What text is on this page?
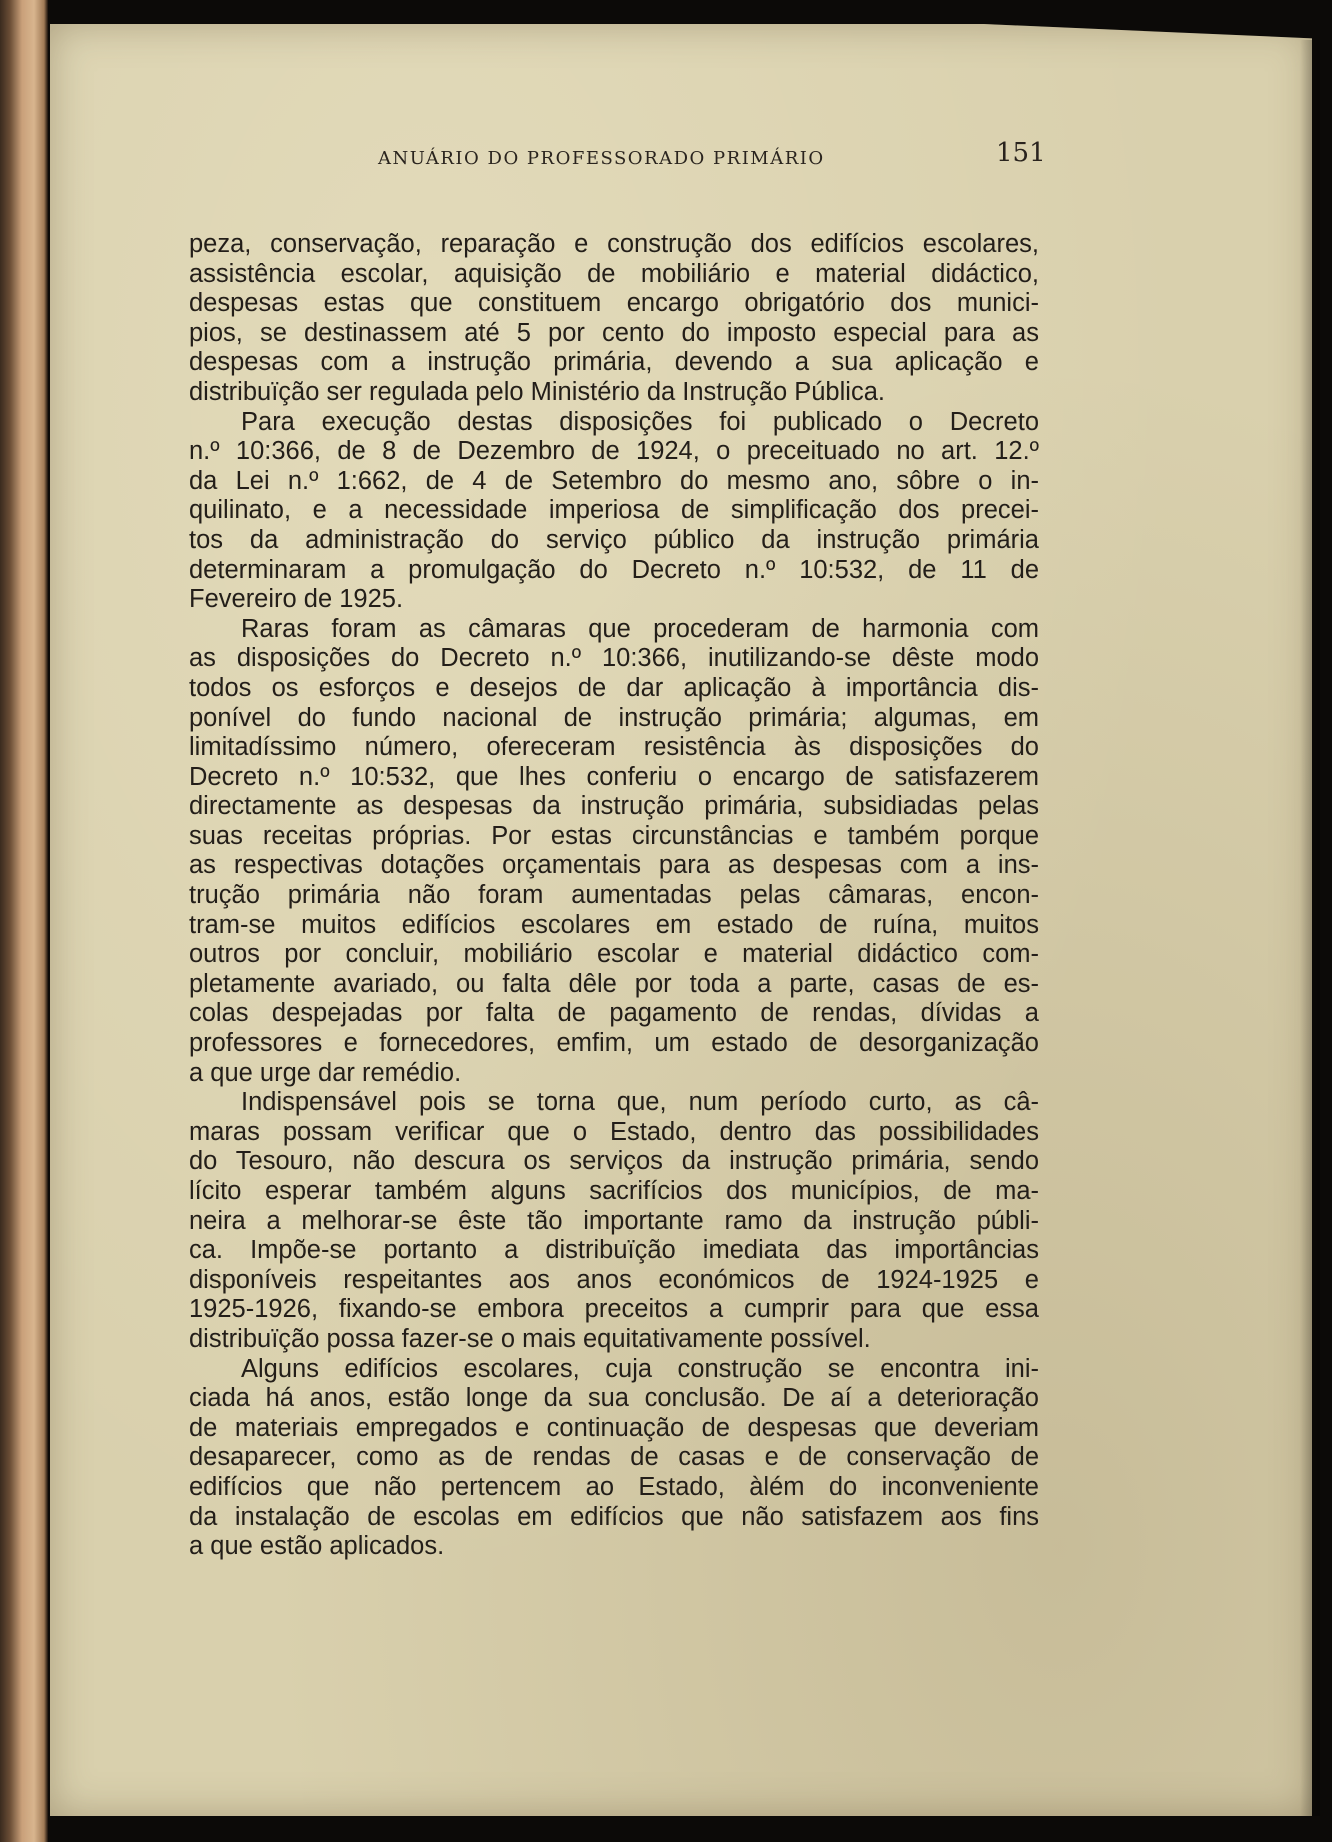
ANUÁRIO DO PROFESSORADO PRIMÁRIO	151
peza, conservação, reparação e construção dos edifícios escolares,
assistência escolar, aquisição de mobiliário e material didáctico,
despesas estas que constituem encargo obrigatório dos munici-
pios, se destinassem até 5 por cento do imposto especial para as
despesas com a instrução primária, devendo a sua aplicação e
distribuïção ser regulada pelo Ministério da Instrução Pública.
Para execução destas disposições foi publicado o Decreto
n.º 10:366, de 8 de Dezembro de 1924, o preceituado no art. 12.º
da Lei n.º 1:662, de 4 de Setembro do mesmo ano, sôbre o in-
quilinato, e a necessidade imperiosa de simplificação dos precei-
tos da administração do serviço público da instrução primária
determinaram a promulgação do Decreto n.º 10:532, de 11 de
Fevereiro de 1925.
Raras foram as câmaras que procederam de harmonia com
as disposições do Decreto n.º 10:366, inutilizando-se dêste modo
todos os esforços e desejos de dar aplicação à importância dis-
ponível do fundo nacional de instrução primária; algumas, em
limitadíssimo número, ofereceram resistência às disposições do
Decreto n.º 10:532, que lhes conferiu o encargo de satisfazerem
directamente as despesas da instrução primária, subsidiadas pelas
suas receitas próprias. Por estas circunstâncias e também porque
as respectivas dotações orçamentais para as despesas com a ins-
trução primária não foram aumentadas pelas câmaras, encon-
tram-se muitos edifícios escolares em estado de ruína, muitos
outros por concluir, mobiliário escolar e material didáctico com-
pletamente avariado, ou falta dêle por toda a parte, casas de es-
colas despejadas por falta de pagamento de rendas, dívidas a
professores e fornecedores, emfim, um estado de desorganização
a que urge dar remédio.
Indispensável pois se torna que, num período curto, as câ-
maras possam verificar que o Estado, dentro das possibilidades
do Tesouro, não descura os serviços da instrução primária, sendo
lícito esperar também alguns sacrifícios dos municípios, de ma-
neira a melhorar-se êste tão importante ramo da instrução públi-
ca. Impõe-se portanto a distribuïção imediata das importâncias
disponíveis respeitantes aos anos económicos de 1924-1925 e
1925-1926, fixando-se embora preceitos a cumprir para que essa
distribuïção possa fazer-se o mais equitativamente possível.
Alguns edifícios escolares, cuja construção se encontra ini-
ciada há anos, estão longe da sua conclusão. De aí a deterioração
de materiais empregados e continuação de despesas que deveriam
desaparecer, como as de rendas de casas e de conservação de
edifícios que não pertencem ao Estado, àlém do inconveniente
da instalação de escolas em edifícios que não satisfazem aos fins
a que estão aplicados.
